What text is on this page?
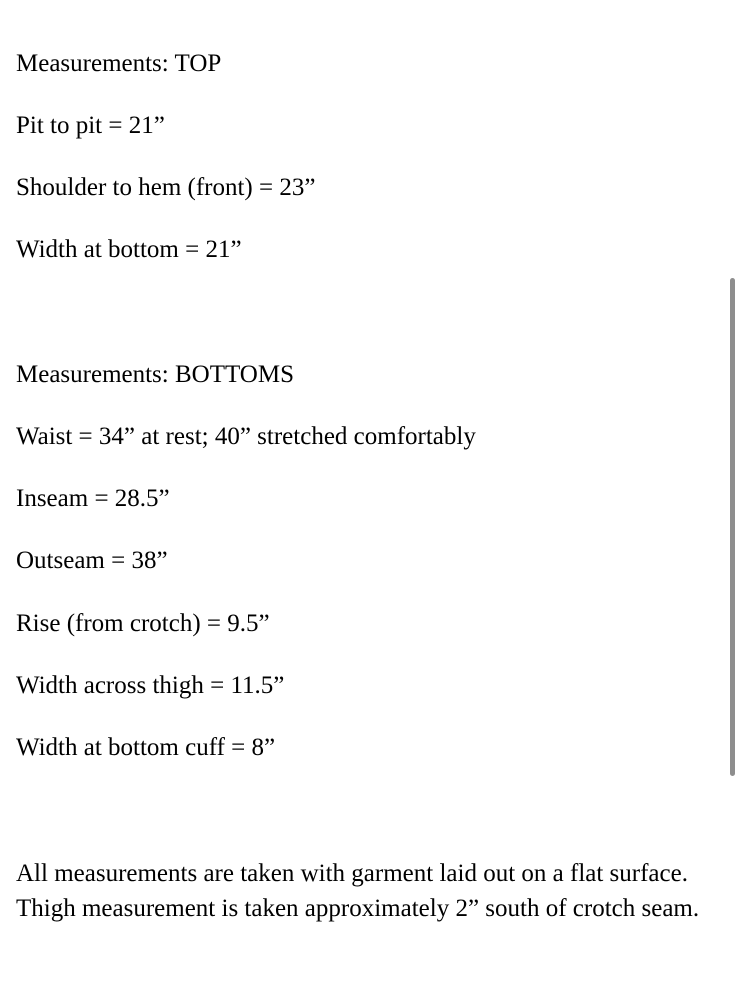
Measurements: TOP
Pit to pit = 21”
Shoulder to hem (front) = 23”
Width at bottom = 21”
Measurements: BOTTOMS
Waist = 34” at rest; 40” stretched comfortably
Inseam = 28.5”
Outseam = 38”
Rise (from crotch) = 9.5”
Width across thigh = 11.5”
Width at bottom cuff = 8”
All measurements are taken with garment laid out on a flat surface. Thigh measurement is taken approximately 2” south of crotch seam.
